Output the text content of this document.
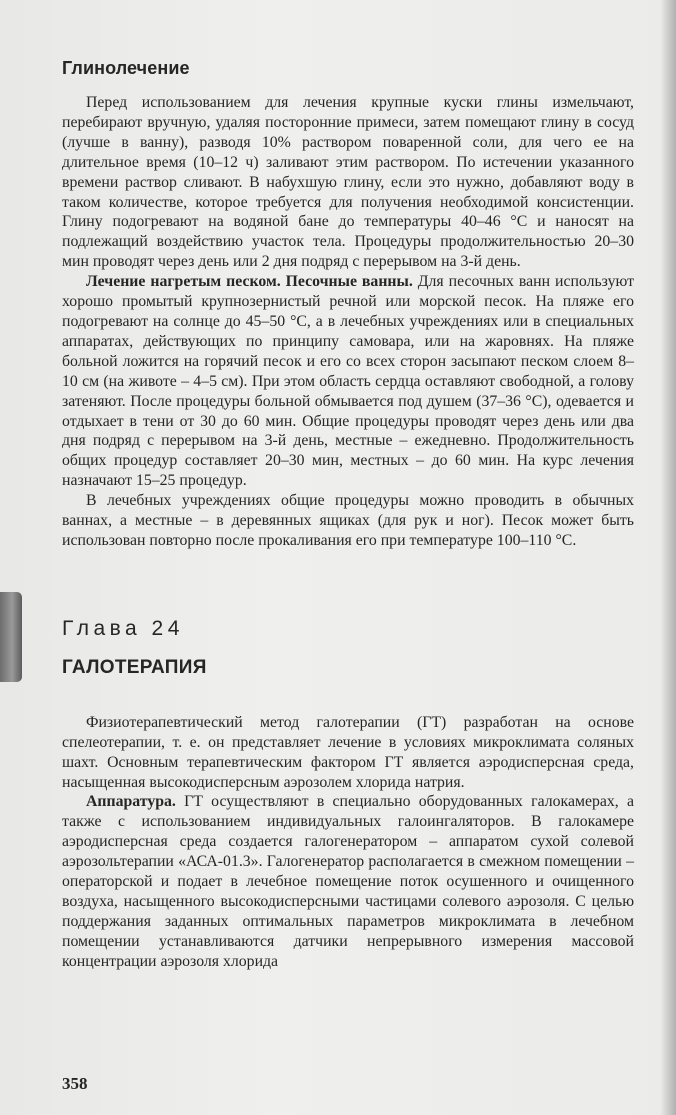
Глинолечение

Перед использованием для лечения крупные куски глины измельчают, перебирают вручную, удаляя посторонние примеси, затем помещают глину в сосуд (лучше в ванну), разводя 10% раствором поваренной соли, для чего ее на длительное время (10–12 ч) заливают этим раствором. По истечении указанного времени раствор сливают. В набухшую глину, если это нужно, добавляют воду в таком количестве, которое требуется для получения необходимой консистенции. Глину подогревают на водяной бане до температуры 40–46 °С и наносят на подлежащий воздействию участок тела. Процедуры продолжительностью 20–30 мин проводят через день или 2 дня подряд с перерывом на 3-й день.

Лечение нагретым песком. Песочные ванны. Для песочных ванн используют хорошо промытый крупнозернистый речной или морской песок. На пляже его подогревают на солнце до 45–50 °С, а в лечебных учреждениях или в специальных аппаратах, действующих по принципу самовара, или на жаровнях. На пляже больной ложится на горячий песок и его со всех сторон засыпают песком слоем 8–10 см (на животе – 4–5 см). При этом область сердца оставляют свободной, а голову затеняют. После процедуры больной обмывается под душем (37–36 °С), одевается и отдыхает в тени от 30 до 60 мин. Общие процедуры проводят через день или два дня подряд с перерывом на 3-й день, местные – ежедневно. Продолжительность общих процедур составляет 20–30 мин, местных – до 60 мин. На курс лечения назначают 15–25 процедур.

В лечебных учреждениях общие процедуры можно проводить в обычных ваннах, а местные – в деревянных ящиках (для рук и ног). Песок может быть использован повторно после прокаливания его при температуре 100–110 °С.

Глава 24
ГАЛОТЕРАПИЯ

Физиотерапевтический метод галотерапии (ГТ) разработан на основе спелеотерапии, т. е. он представляет лечение в условиях микроклимата соляных шахт. Основным терапевтическим фактором ГТ является аэродисперсная среда, насыщенная высокодисперсным аэрозолем хлорида натрия.

Аппаратура. ГТ осуществляют в специально оборудованных галокамерах, а также с использованием индивидуальных галоингаляторов. В галокамере аэродисперсная среда создается галогенератором – аппаратом сухой солевой аэрозольтерапии «АСА-01.3». Галогенератор располагается в смежном помещении – операторской и подает в лечебное помещение поток осушенного и очищенного воздуха, насыщенного высокодисперсными частицами солевого аэрозоля. С целью поддержания заданных оптимальных параметров микроклимата в лечебном помещении устанавливаются датчики непрерывного измерения массовой концентрации аэрозоля хлорида

358
